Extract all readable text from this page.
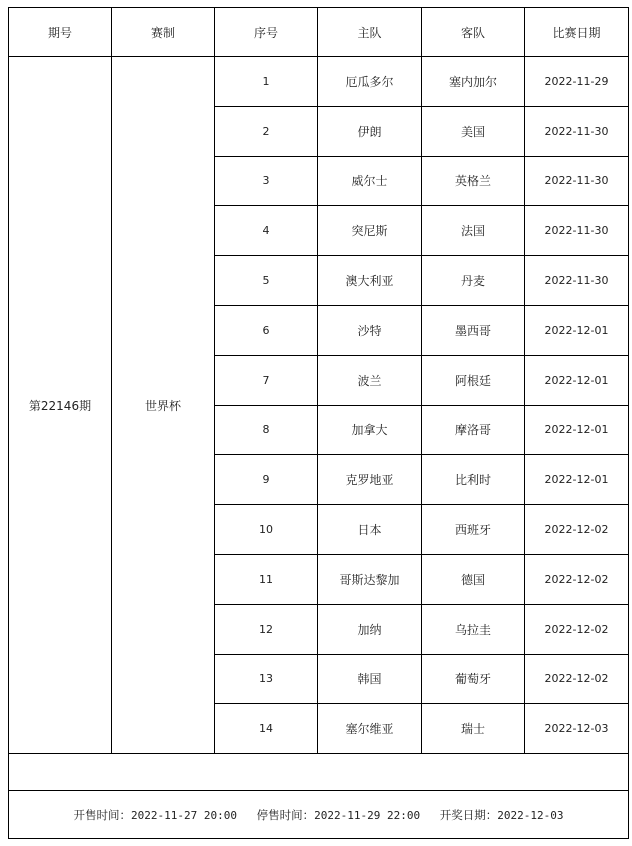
期号	赛制	序号	主队	客队	比赛日期
第22146期	世界杯	1	厄瓜多尔	塞内加尔	2022-11-29
		2	伊朗	美国	2022-11-30
		3	威尔士	英格兰	2022-11-30
		4	突尼斯	法国	2022-11-30
		5	澳大利亚	丹麦	2022-11-30
		6	沙特	墨西哥	2022-12-01
		7	波兰	阿根廷	2022-12-01
		8	加拿大	摩洛哥	2022-12-01
		9	克罗地亚	比利时	2022-12-01
		10	日本	西班牙	2022-12-02
		11	哥斯达黎加	德国	2022-12-02
		12	加纳	乌拉圭	2022-12-02
		13	韩国	葡萄牙	2022-12-02
		14	塞尔维亚	瑞士	2022-12-03

开售时间：2022-11-27 20:00 停售时间：2022-11-29 22:00 开奖日期：2022-12-03					
